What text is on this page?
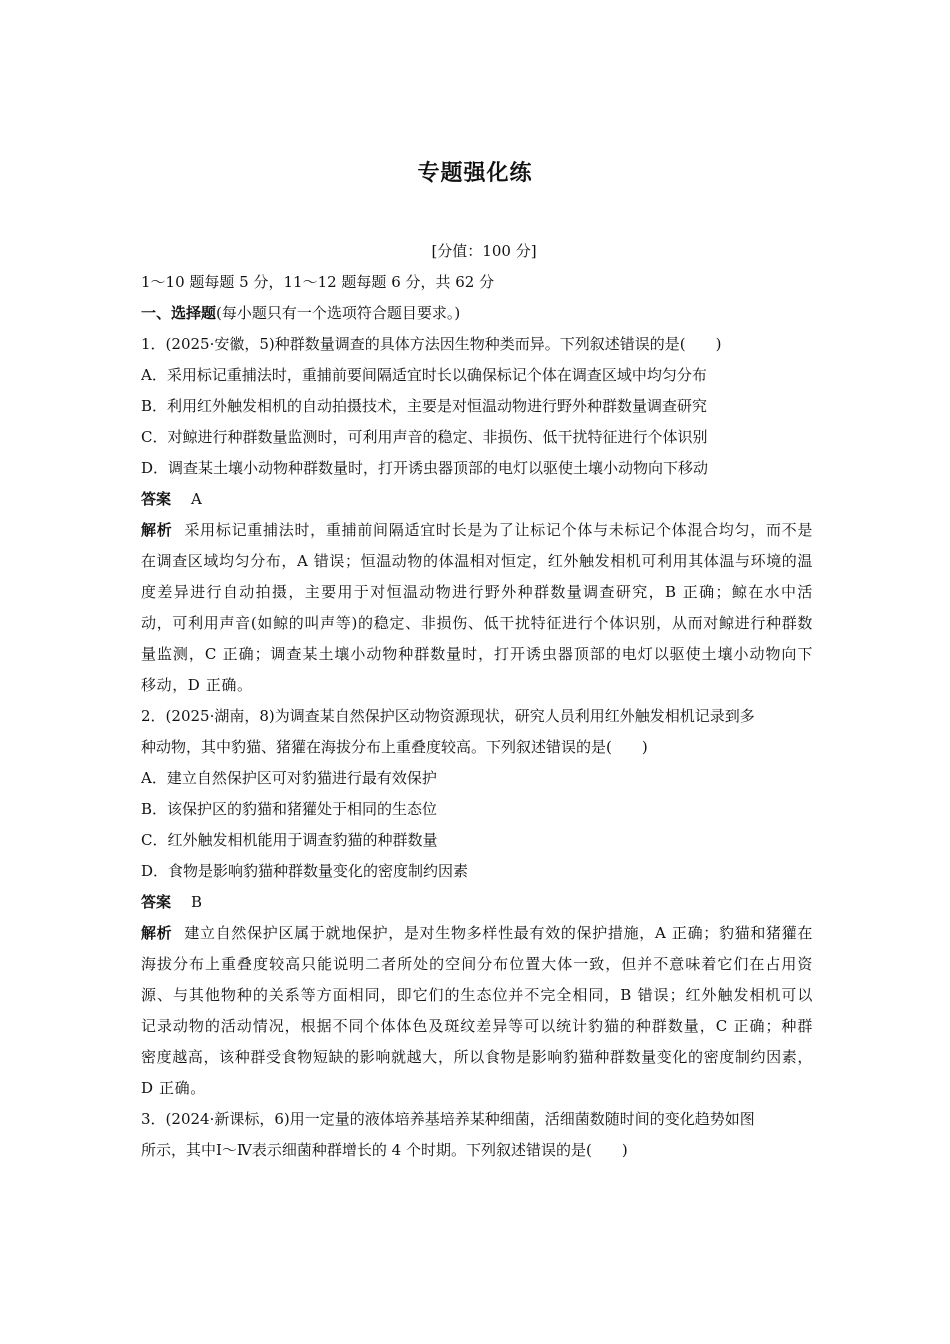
专题强化练
[分值：100 分]
1～10 题每题 5 分，11～12 题每题 6 分，共 62 分
一、选择题(每小题只有一个选项符合题目要求。)
1．(2025·安徽，5)种群数量调查的具体方法因生物种类而异。下列叙述错误的是(　　)
A．采用标记重捕法时，重捕前要间隔适宜时长以确保标记个体在调查区域中均匀分布
B．利用红外触发相机的自动拍摄技术，主要是对恒温动物进行野外种群数量调查研究
C．对鲸进行种群数量监测时，可利用声音的稳定、非损伤、低干扰特征进行个体识别
D．调查某土壤小动物种群数量时，打开诱虫器顶部的电灯以驱使土壤小动物向下移动
答案 A
解析 采用标记重捕法时，重捕前间隔适宜时长是为了让标记个体与未标记个体混合均匀，而不是在调查区域均匀分布，A 错误；恒温动物的体温相对恒定，红外触发相机可利用其体温与环境的温度差异进行自动拍摄，主要用于对恒温动物进行野外种群数量调查研究，B 正确；鲸在水中活动，可利用声音(如鲸的叫声等)的稳定、非损伤、低干扰特征进行个体识别，从而对鲸进行种群数量监测，C 正确；调查某土壤小动物种群数量时，打开诱虫器顶部的电灯以驱使土壤小动物向下移动，D 正确。
2．(2025·湖南，8)为调查某自然保护区动物资源现状，研究人员利用红外触发相机记录到多
种动物，其中豹猫、猪獾在海拔分布上重叠度较高。下列叙述错误的是(　　)
A．建立自然保护区可对豹猫进行最有效保护
B．该保护区的豹猫和猪獾处于相同的生态位
C．红外触发相机能用于调查豹猫的种群数量
D．食物是影响豹猫种群数量变化的密度制约因素
答案 B
解析 建立自然保护区属于就地保护，是对生物多样性最有效的保护措施，A 正确；豹猫和猪獾在海拔分布上重叠度较高只能说明二者所处的空间分布位置大体一致，但并不意味着它们在占用资源、与其他物种的关系等方面相同，即它们的生态位并不完全相同，B 错误；红外触发相机可以记录动物的活动情况，根据不同个体体色及斑纹差异等可以统计豹猫的种群数量，C 正确；种群密度越高，该种群受食物短缺的影响就越大，所以食物是影响豹猫种群数量变化的密度制约因素，D 正确。
3．(2024·新课标，6)用一定量的液体培养基培养某种细菌，活细菌数随时间的变化趋势如图
所示，其中Ⅰ～Ⅳ表示细菌种群增长的 4 个时期。下列叙述错误的是(　　)
